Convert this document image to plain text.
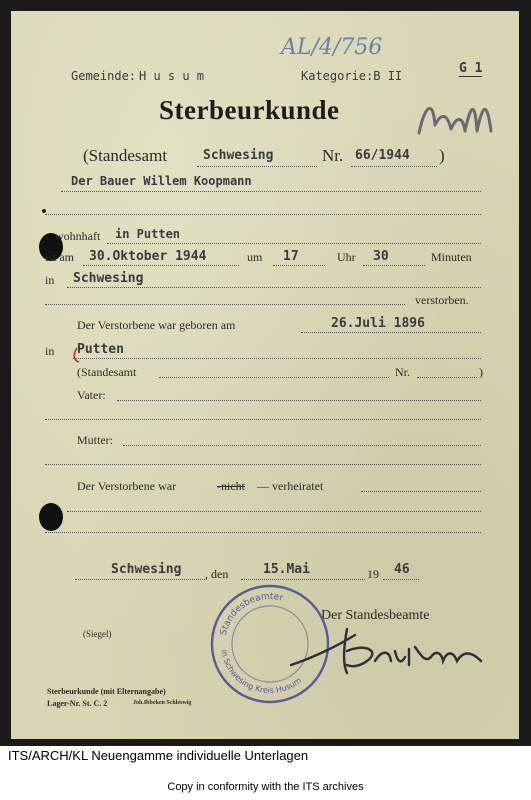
Gemeinde: H u s u m	Kategorie:B II	G 1
AL/4/756
Sterbeurkunde
(Standesamt	Schwesing	Nr. 66/1944 )
Der Bauer Willem Koopmann
wohnhaft in Putten
ist am 30.Oktober 1944	um 17	Uhr 30	Minuten
in Schwesing
verstorben.
Der Verstorbene war geboren am	26.Juli 1896
in Putten
(Standesamt	Nr.	)
Vater:
Mutter:
Der Verstorbene war	-nicht — verheiratet
Schwesing , den	15.Mai	19 46
Der Standesbeamte
(Siegel)	Standesbeamter
in Schwesing Kreis Husum
Sterbeurkunde (mit Elternangabe)
Lager-Nr. St. C. 2	Joh.Ibbeken Schleswig
ITS/ARCH/KL Neuengamme individuelle Unterlagen
Copy in conformity with the ITS archives
